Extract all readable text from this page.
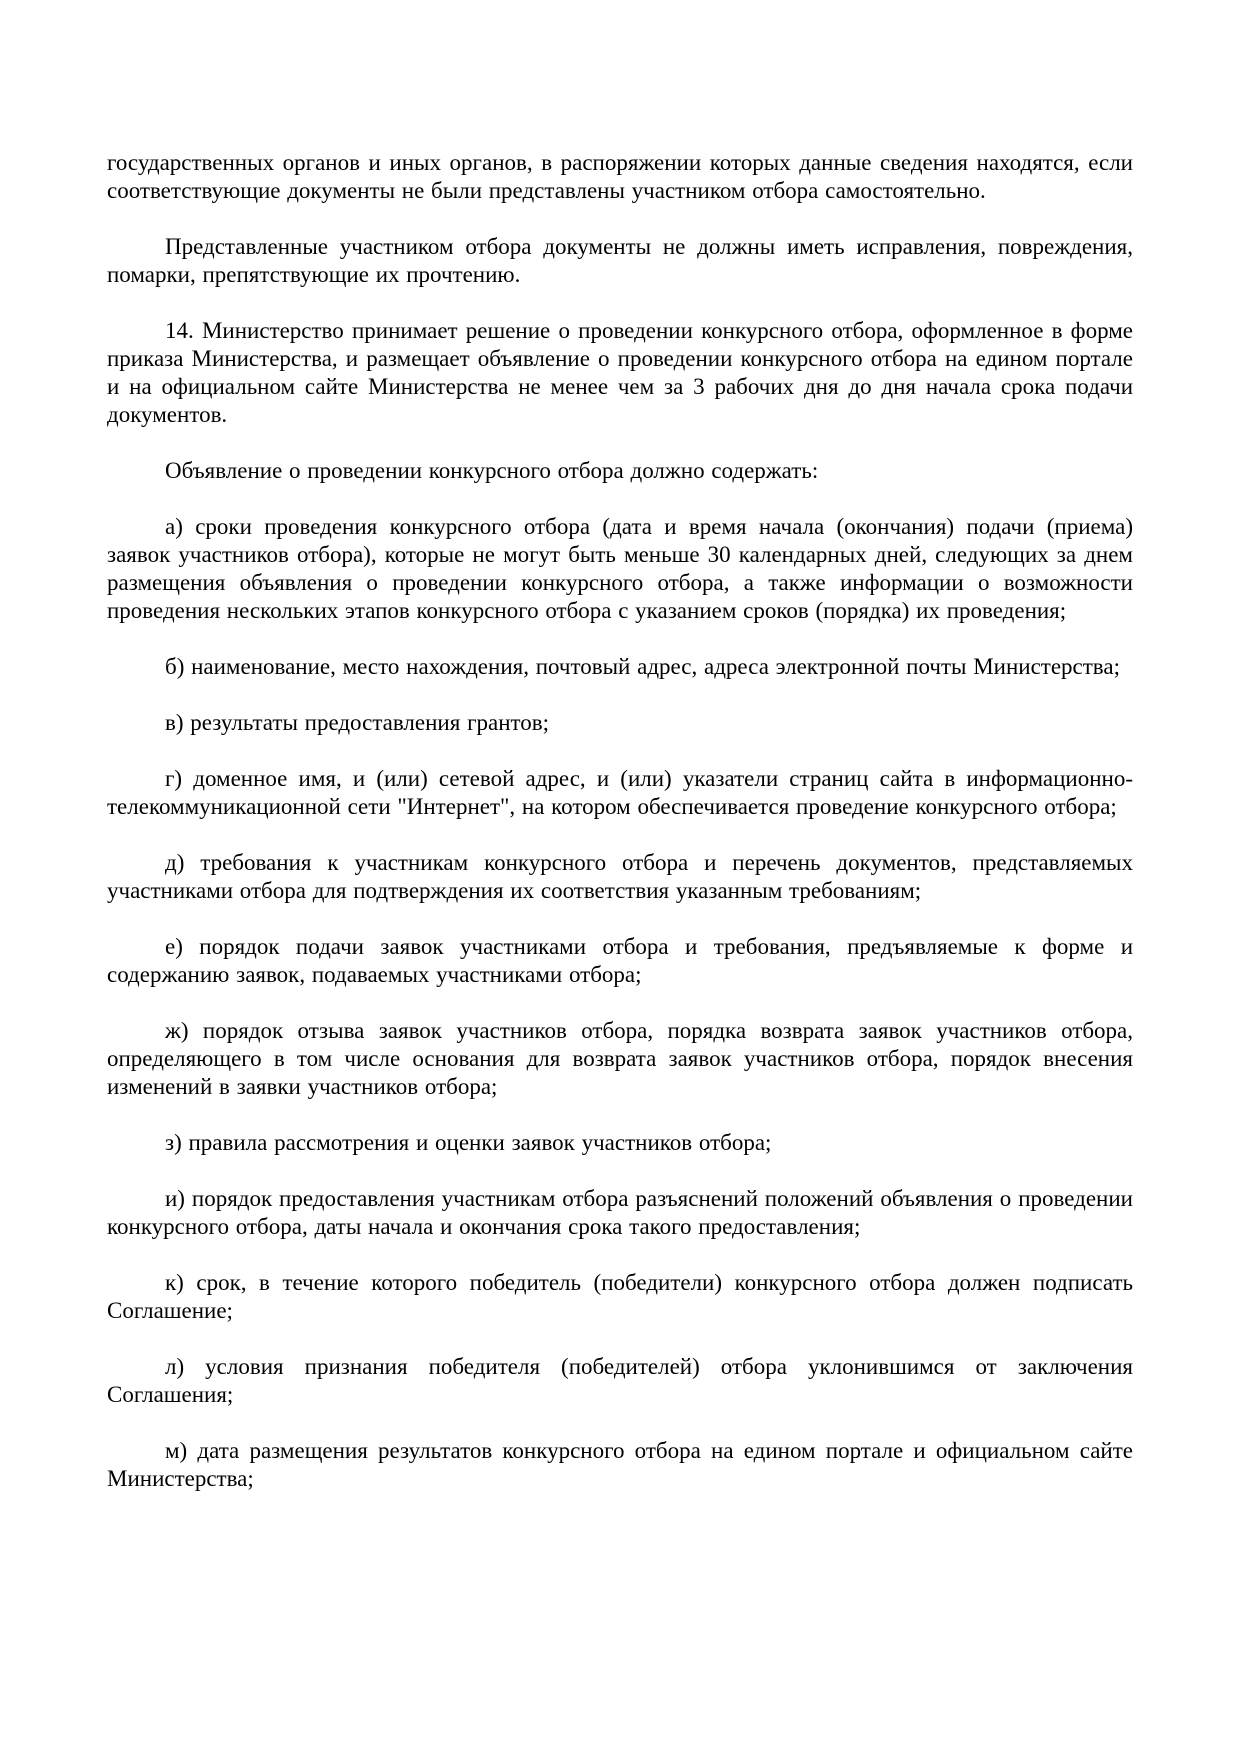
государственных органов и иных органов, в распоряжении которых данные сведения находятся, если соответствующие документы не были представлены участником отбора самостоятельно.

Представленные участником отбора документы не должны иметь исправления, повреждения, помарки, препятствующие их прочтению.

14. Министерство принимает решение о проведении конкурсного отбора, оформленное в форме приказа Министерства, и размещает объявление о проведении конкурсного отбора на едином портале и на официальном сайте Министерства не менее чем за 3 рабочих дня до дня начала срока подачи документов.

Объявление о проведении конкурсного отбора должно содержать:

а) сроки проведения конкурсного отбора (дата и время начала (окончания) подачи (приема) заявок участников отбора), которые не могут быть меньше 30 календарных дней, следующих за днем размещения объявления о проведении конкурсного отбора, а также информации о возможности проведения нескольких этапов конкурсного отбора с указанием сроков (порядка) их проведения;

б) наименование, место нахождения, почтовый адрес, адреса электронной почты Министерства;

в) результаты предоставления грантов;

г) доменное имя, и (или) сетевой адрес, и (или) указатели страниц сайта в информационно-телекоммуникационной сети "Интернет", на котором обеспечивается проведение конкурсного отбора;

д) требования к участникам конкурсного отбора и перечень документов, представляемых участниками отбора для подтверждения их соответствия указанным требованиям;

е) порядок подачи заявок участниками отбора и требования, предъявляемые к форме и содержанию заявок, подаваемых участниками отбора;

ж) порядок отзыва заявок участников отбора, порядка возврата заявок участников отбора, определяющего в том числе основания для возврата заявок участников отбора, порядок внесения изменений в заявки участников отбора;

з) правила рассмотрения и оценки заявок участников отбора;

и) порядок предоставления участникам отбора разъяснений положений объявления о проведении конкурсного отбора, даты начала и окончания срока такого предоставления;

к) срок, в течение которого победитель (победители) конкурсного отбора должен подписать Соглашение;

л) условия признания победителя (победителей) отбора уклонившимся от заключения Соглашения;

м) дата размещения результатов конкурсного отбора на едином портале и официальном сайте Министерства;
